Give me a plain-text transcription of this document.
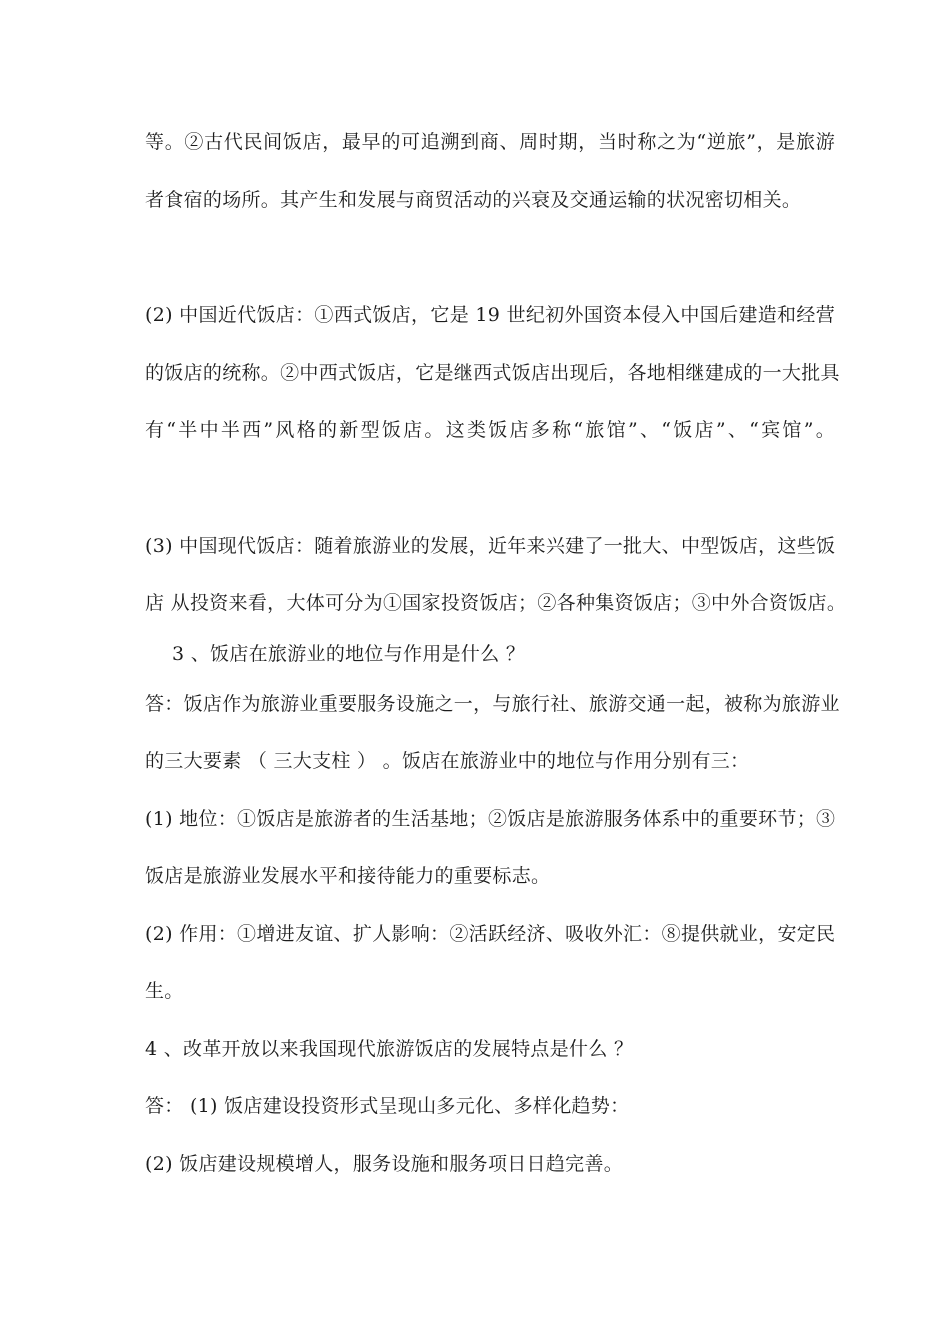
等。②古代民间饭店，最早的可追溯到商、周时期，当时称之为“逆旅”，是旅游
者食宿的场所。其产生和发展与商贸活动的兴衰及交通运输的状况密切相关。
(2) 中国近代饭店：①西式饭店，它是 19 世纪初外国资本侵入中国后建造和经营
的饭店的统称。②中西式饭店，它是继西式饭店出现后，各地相继建成的一大批具
有“半中半西”风格的新型饭店。这类饭店多称“旅馆”、“饭店”、“宾馆”。
(3) 中国现代饭店：随着旅游业的发展，近年来兴建了一批大、中型饭店，这些饭
店 从投资来看，大体可分为①国家投资饭店；②各种集资饭店；③中外合资饭店。
3 、饭店在旅游业的地位与作用是什么 ？
答：饭店作为旅游业重要服务设施之一，与旅行社、旅游交通一起，被称为旅游业
的三大要素 （ 三大支柱 ） 。饭店在旅游业中的地位与作用分别有三：
(1) 地位：①饭店是旅游者的生活基地；②饭店是旅游服务体系中的重要环节；③
饭店是旅游业发展水平和接待能力的重要标志。
(2) 作用：①增进友谊、扩人影响：②活跃经济、吸收外汇：⑧提供就业，安定民
生。
4 、改革开放以来我国现代旅游饭店的发展特点是什么 ？
答： (1) 饭店建设投资形式呈现山多元化、多样化趋势：
(2) 饭店建设规模增人，服务设施和服务项日日趋完善。
